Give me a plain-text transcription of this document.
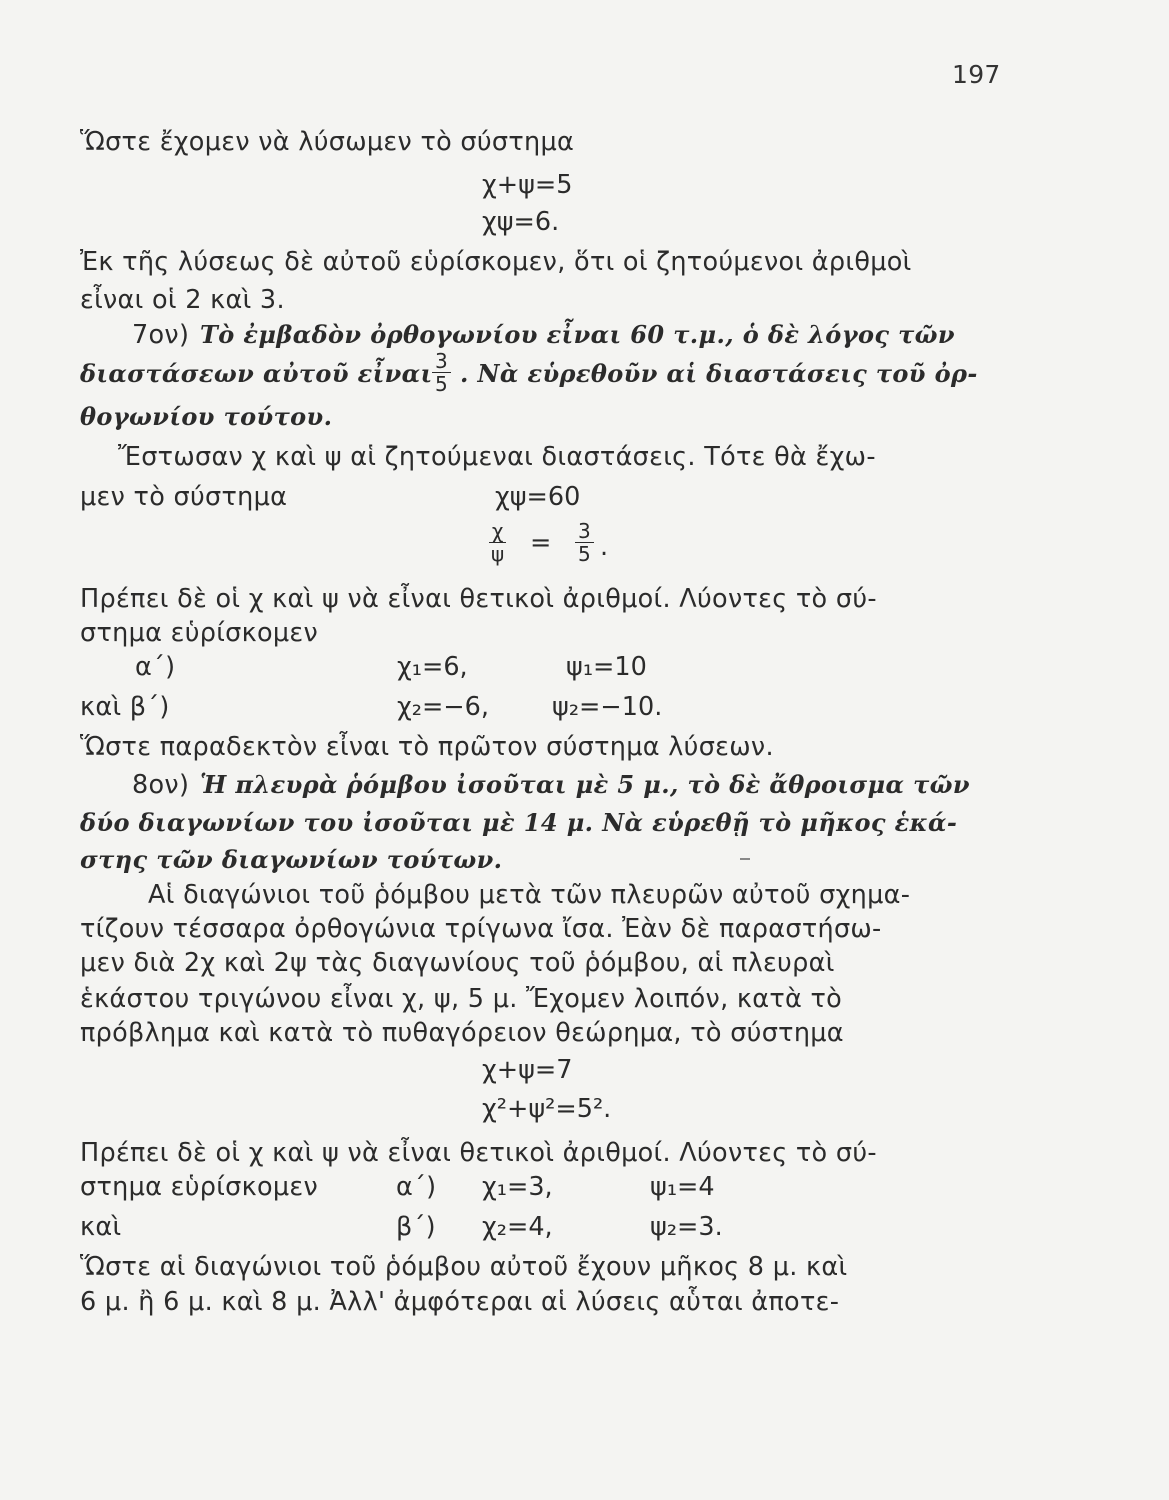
197
Ὥστε ἔχομεν νὰ λύσωμεν τὸ σύστημα
χ+ψ=5
χψ=6.
Ἐκ τῆς λύσεως δὲ αὐτοῦ εὑρίσκομεν, ὅτι οἱ ζητούμενοι ἀριθμοὶ
εἶναι οἱ 2 καὶ 3.
7ον) Τὸ ἐμβαδὸν ὀρθογωνίου εἶναι 60 τ.μ., ὁ δὲ λόγος τῶν
διαστάσεων αὐτοῦ εἶναι $\frac{3}{5}$ . Νὰ εὑρεθοῦν αἱ διαστάσεις τοῦ ὀρ-
θογωνίου τούτου.
Ἔστωσαν χ καὶ ψ αἱ ζητούμεναι διαστάσεις. Τότε θὰ ἔχω-
μεν τὸ σύστημα	χψ=60
$\frac{\chi}{\psi} = \frac{3}{5}$ .
Πρέπει δὲ οἱ χ καὶ ψ νὰ εἶναι θετικοὶ ἀριθμοί. Λύοντες τὸ σύ-
στημα εὑρίσκομεν
α΄)	χ₁=6,	ψ₁=10
καὶ β΄)	χ₂=−6, ψ₂=−10.
Ὥστε παραδεκτὸν εἶναι τὸ πρῶτον σύστημα λύσεων.
8ον) Ἡ πλευρὰ ῥόμβου ἰσοῦται μὲ 5 μ., τὸ δὲ ἄθροισμα τῶν
δύο διαγωνίων του ἰσοῦται μὲ 14 μ. Νὰ εὑρεθῇ τὸ μῆκος ἑκά-
στης τῶν διαγωνίων τούτων.
Αἱ διαγώνιοι τοῦ ῥόμβου μετὰ τῶν πλευρῶν αὐτοῦ σχημα-
τίζουν τέσσαρα ὀρθογώνια τρίγωνα ἴσα. Ἐὰν δὲ παραστήσω-
μεν διὰ 2χ καὶ 2ψ τὰς διαγωνίους τοῦ ῥόμβου, αἱ πλευραὶ
ἑκάστου τριγώνου εἶναι χ, ψ, 5 μ. Ἔχομεν λοιπόν, κατὰ τὸ
πρόβλημα καὶ κατὰ τὸ πυθαγόρειον θεώρημα, τὸ σύστημα
χ+ψ=7
χ²+ψ²=5².
Πρέπει δὲ οἱ χ καὶ ψ νὰ εἶναι θετικοὶ ἀριθμοί. Λύοντες τὸ σύ-
στημα εὑρίσκομεν	α΄) χ₁=3,	ψ₁=4
καὶ	β΄) χ₂=4,	ψ₂=3.
Ὥστε αἱ διαγώνιοι τοῦ ῥόμβου αὐτοῦ ἔχουν μῆκος 8 μ. καὶ
6 μ. ἢ 6 μ. καὶ 8 μ. Ἀλλ' ἀμφότεραι αἱ λύσεις αὗται ἀποτε-
